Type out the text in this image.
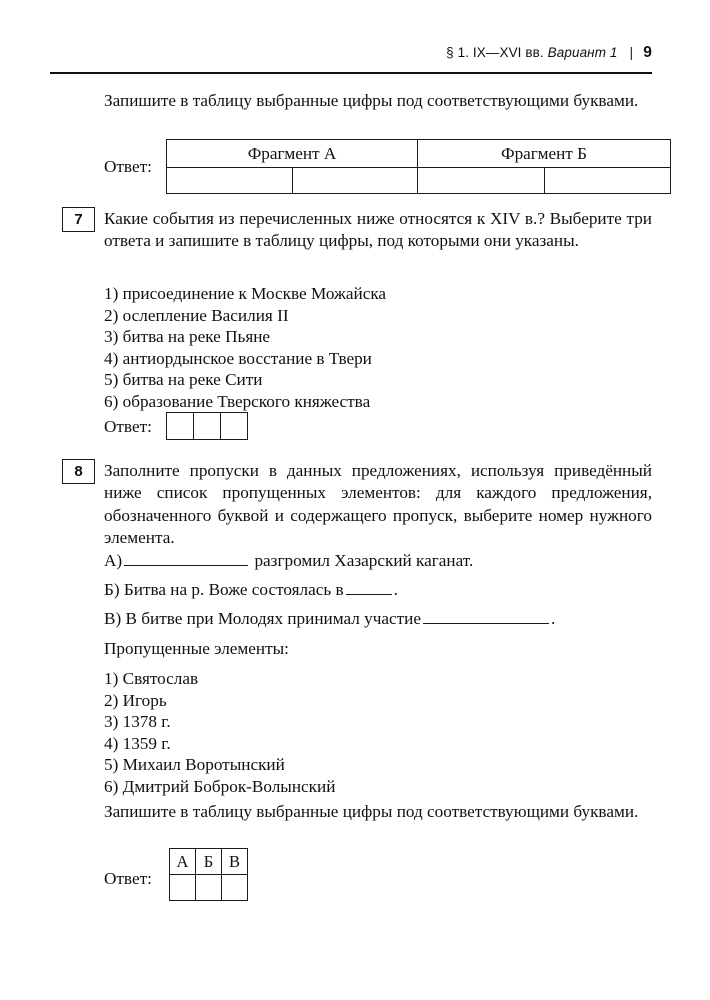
§ 1. IX—XVI вв.
Вариант 1 | 9
Запишите в таблицу выбранные цифры под соответствующими буквами.
Ответ:
Фрагмент А		Фрагмент Б	

7	Какие события из перечисленных ниже относятся к XIV в.? Выберите три ответа и запишите в таблицу цифры, под которыми они указаны.
1) присоединение к Москве Можайска
2) ослепление Василия II
3) битва на реке Пьяне
4) антиордынское восстание в Твери
5) битва на реке Сити
6) образование Тверского княжества
Ответ:

8	Заполните пропуски в данных предложениях, используя приведённый ниже список пропущенных элементов: для каждого предложения, обозначенного буквой и содержащего пропуск, выберите номер нужного элемента.
А)	разгромил Хазарский каганат.
Б) Битва на р. Воже состоялась в	.
В) В битве при Молодях принимал участие	.
Пропущенные элементы:
1) Святослав
2) Игорь
3) 1378 г.
4) 1359 г.
5) Михаил Воротынский
6) Дмитрий Боброк-Волынский
Запишите в таблицу выбранные цифры под соответствующими буквами.
Ответ:
А	Б	В
